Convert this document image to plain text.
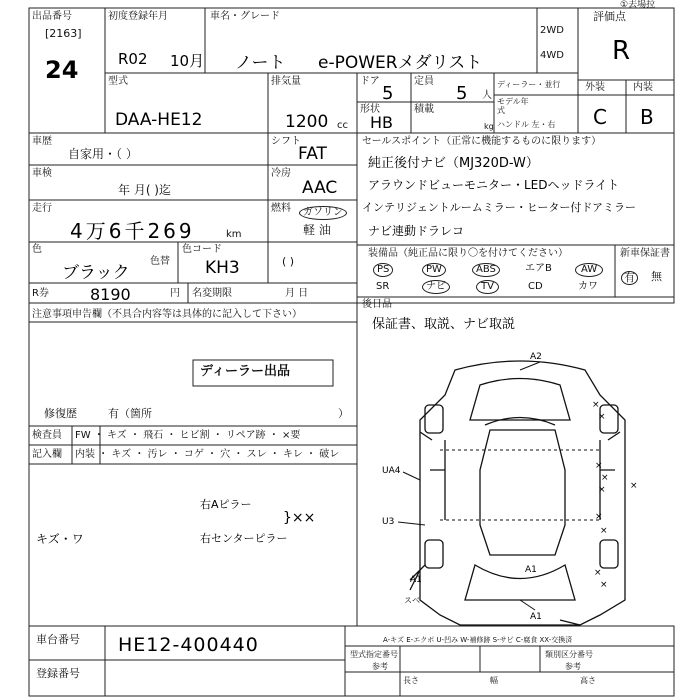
出品番号
[2163]
24
初度登録年月
R02 10月
車名・グレード
ノート e-POWERメダリスト
2WD
4WD
評価点
①去場拉
R
型式
DAA-HE12
排気量
1200 cc
ドア
5
定員
5 人
形状
HB
積載
kg
ディーラー・並行
モデル年式
ハンドル 左・右
外装	内装
C B
車歴
自家用・（ ）
シフト
FAT
車検
年 月( )迄
冷房
AAC
走行
4万6千269	km
燃料	ガソリン
軽 油
( )
色
ブラック
色替
色コード
KH3
R券	8190	円 名変期限	月 日
セールスポイント（正常に機能するものに限ります）
純正後付ナビ（MJ320D-W）
アラウンドビューモニター・LEDヘッドライト
インテリジェントルームミラー・ヒーター付ドアミラー
ナビ連動ドラレコ
装備品（純正品に限り〇を付けてください）	新車保証書
PS	PW	ABS	エアB	AW
SR	ナビ	TV	CD	カワ
有 無
後日品
保証書、取説、ナビ取説
注意事項申告欄（不具合内容等は具体的に記入して下さい）
ディーラー出品
修復歴	有（箇所	）
検査員
記入欄
FW ・ キズ ・ 飛石 ・ ヒビ割 ・ リペア跡 ・ ×要
内装 ・ キズ ・ 汚レ ・ コゲ ・ 穴 ・ スレ ・ キレ ・ 破レ
キズ・ワ
右Aピラー
右センターピラー
}××
A2
UA4
U3
A1
A1
A1
スベ
×
×
×
×
×
×
×
×
×
×
A-キズ E-エクボ U-凹み W-補修跡 S-サビ C-腐食 XX-交換済
車台番号 HE12-400440
登録番号
型式指定番号
参考
類別区分番号
参考
長さ	幅	高さ
